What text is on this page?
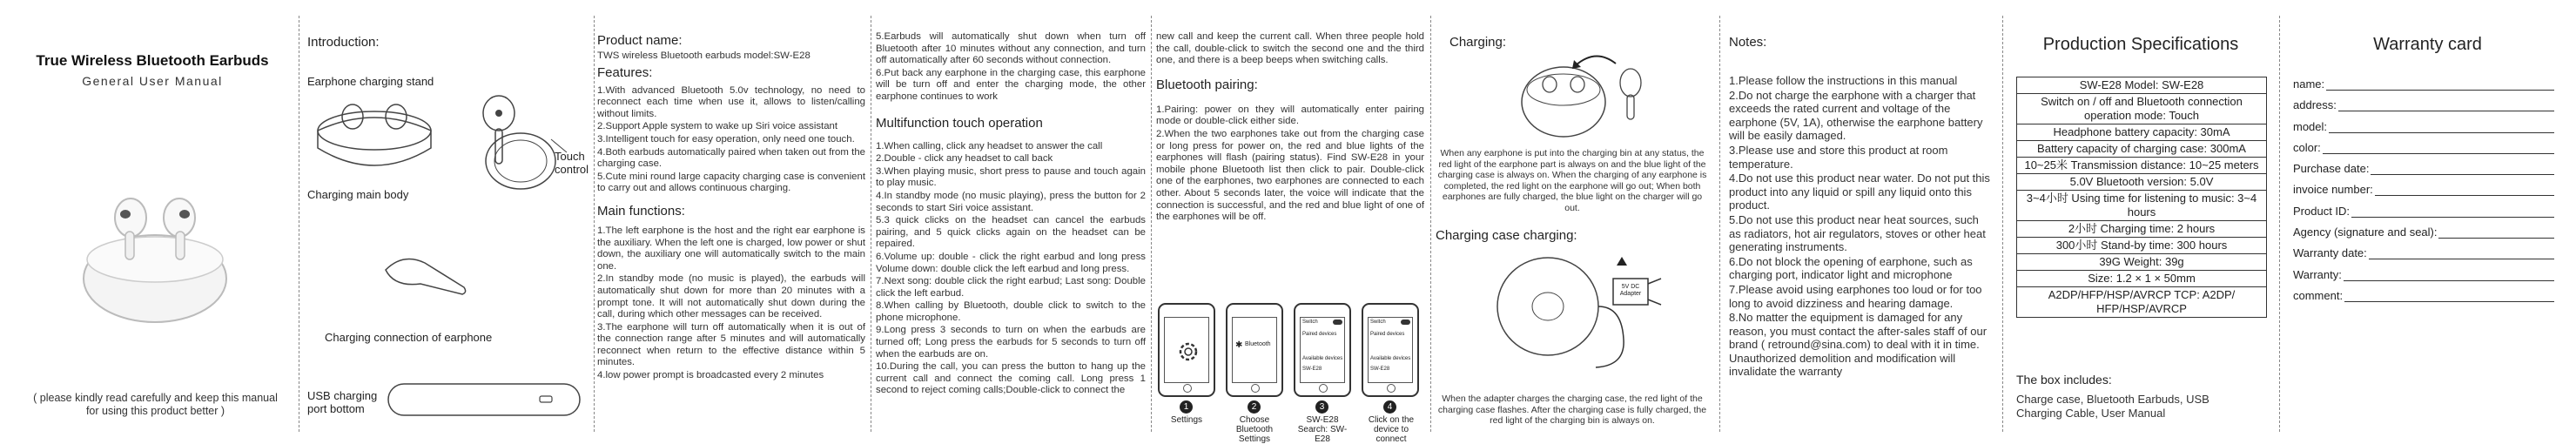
True Wireless Bluetooth Earbuds
General User Manual
( please kindly read carefully and keep this manual for using this product better )
Introduction:
Earphone charging stand
Touch control
Charging main body
Charging connection of earphone
USB charging port bottom
Product name:
TWS wireless Bluetooth earbuds model:SW-E28
Features:
1.With advanced Bluetooth 5.0v technology, no need to reconnect each time when use it, allows to listen/calling without limits.
2.Support Apple system to wake up Siri voice assistant
3.Intelligent touch for easy operation, only need one touch.
4.Both earbuds automatically paired when taken out from the charging case.
5.Cute mini round large capacity charging case is convenient to carry out and allows continuous charging.
Main functions:
1.The left earphone is the host and the right ear earphone is the auxiliary. When the left one is charged, low power or shut down, the auxiliary one will automatically switch to the main one.
2.In standby mode (no music is played), the earbuds will automatically shut down for more than 20 minutes with a prompt tone. It will not automatically shut down during the call, during which other messages can be received.
3.The earphone will turn off automatically when it is out of the connection range after 5 minutes and will automatically reconnect when return to the effective distance within 5 minutes.
4.low power prompt is broadcasted every 2 minutes
5.Earbuds will automatically shut down when turn off Bluetooth after 10 minutes without any connection, and turn off automatically after 60 seconds without connection.
6.Put back any earphone in the charging case, this earphone will be turn off and enter the charging mode, the other earphone continues to work
Multifunction touch operation
1.When calling, click any headset to answer the call
2.Double - click any headset to call back
3.When playing music, short press to pause and touch again to play music.
4.In standby mode (no music playing), press the button for 2 seconds to start Siri voice assistant.
5.3 quick clicks on the headset can cancel the earbuds pairing, and 5 quick clicks again on the headset can be repaired.
6.Volume up: double - click the right earbud and long press Volume down: double click the left earbud and long press.
7.Next song: double click the right earbud; Last song: Double click the left earbud.
8.When calling by Bluetooth, double click to switch to the phone microphone.
9.Long press 3 seconds to turn on when the earbuds are turned off; Long press the earbuds for 5 seconds to turn off when the earbuds are on.
10.During the call, you can press the button to hang up the current call and connect the coming call. Long press 1 second to reject coming calls;Double-click to connect the
new call and keep the current call. When three people hold the call, double-click to switch the second one and the third one, and there is a beep beeps when switching calls.
Bluetooth pairing:
1.Pairing: power on they will automatically enter pairing mode or double-click either side.
2.When the two earphones take out from the charging case or long press for power on, the red and blue lights of the earphones will flash (pairing status). Find SW-E28 in your mobile phone Bluetooth list then click to pair. Double-click one of the earphones, two earphones are connected to each other. About 5 seconds later, the voice will indicate that the connection is successful, and the red and blue light of one of the earphones will be off.
✱ Bluetooth
Switch
Paired devices
Available devices
SW-E28
Switch
Paired devices
Available devices
SW-E28
1	2	3	4
Settings	Choose Bluetooth Settings
SW-E28 Search: SW-E28
Click on the device to connect
Charging:
When any earphone is put into the charging bin at any status, the red light of the earphone part is always on and the blue light of the charging case is always on. When the charging of any earphone is completed, the red light on the earphone will go out; When both earphones are fully charged, the blue light on the charger will go out.
Charging case charging:
5V DC Adapter
When the adapter charges the charging case, the red light of the charging case flashes. After the charging case is fully charged, the red light of the charging bin is always on.
Notes:
1.Please follow the instructions in this manual
2.Do not charge the earphone with a charger that exceeds the rated current and voltage of the earphone (5V, 1A), otherwise the earphone battery will be easily damaged.
3.Please use and store this product at room temperature.
4.Do not use this product near water. Do not put this product into any liquid or spill any liquid onto this product.
5.Do not use this product near heat sources, such as radiators, hot air regulators, stoves or other heat generating instruments.
6.Do not block the opening of earphone, such as charging port, indicator light and microphone
7.Please avoid using earphones too loud or for too long to avoid dizziness and hearing damage.
8.No matter the equipment is damaged for any reason, you must contact the after-sales staff of our brand ( retround@sina.com) to deal with it in time. Unauthorized demolition and modification will invalidate the warranty
Production Specifications
SW-E28 Model: SW-E28
Switch on / off and Bluetooth connection operation mode: Touch
Headphone battery capacity: 30mA
Battery capacity of charging case: 300mA
10~25米 Transmission distance: 10~25 meters
5.0V Bluetooth version: 5.0V
3~4小时 Using time for listening to music: 3~4 hours
2小时 Charging time: 2 hours
300小时 Stand-by time: 300 hours
39G Weight: 39g
Size: 1.2 × 1 × 50mm
A2DP/HFP/HSP/AVRCP TCP: A2DP/ HFP/HSP/AVRCP
The box includes:
Charge case, Bluetooth Earbuds, USB Charging Cable, User Manual
Warranty card
name:
address:
model:
color:
Purchase date:
invoice number:
Product ID:
Agency (signature and seal):
Warranty date:
Warranty:
comment:
